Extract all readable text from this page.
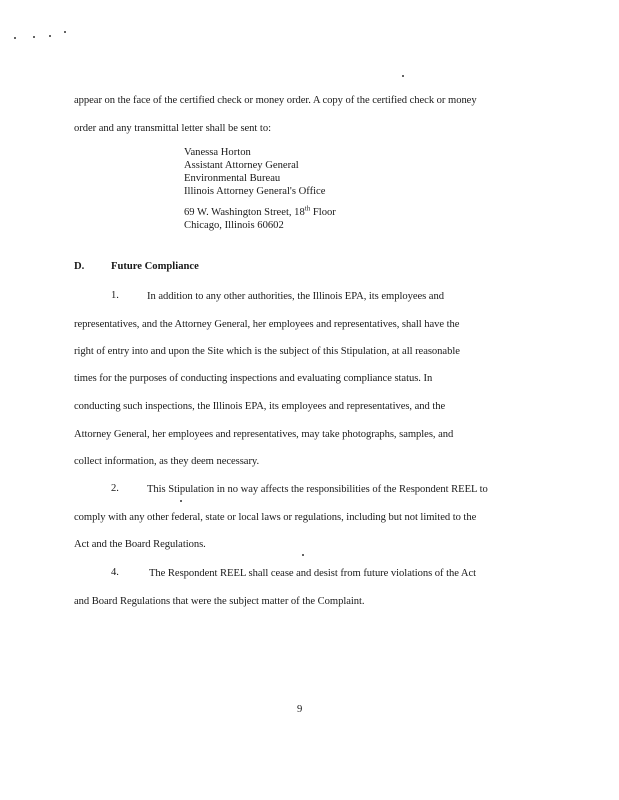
appear on the face of the certified check or money order. A copy of the certified check or money
order and any transmittal letter shall be sent to:
Vanessa Horton
Assistant Attorney General
Environmental Bureau
Illinois Attorney General's Office
69 W. Washington Street, 18th Floor
Chicago, Illinois 60602
D.	Future Compliance
1.	In addition to any other authorities, the Illinois EPA, its employees and
representatives, and the Attorney General, her employees and representatives, shall have the
right of entry into and upon the Site which is the subject of this Stipulation, at all reasonable
times for the purposes of conducting inspections and evaluating compliance status. In
conducting such inspections, the Illinois EPA, its employees and representatives, and the
Attorney General, her employees and representatives, may take photographs, samples, and
collect information, as they deem necessary.
2.	This Stipulation in no way affects the responsibilities of the Respondent REEL to
comply with any other federal, state or local laws or regulations, including but not limited to the
Act and the Board Regulations.
4.	The Respondent REEL shall cease and desist from future violations of the Act
and Board Regulations that were the subject matter of the Complaint.
9
